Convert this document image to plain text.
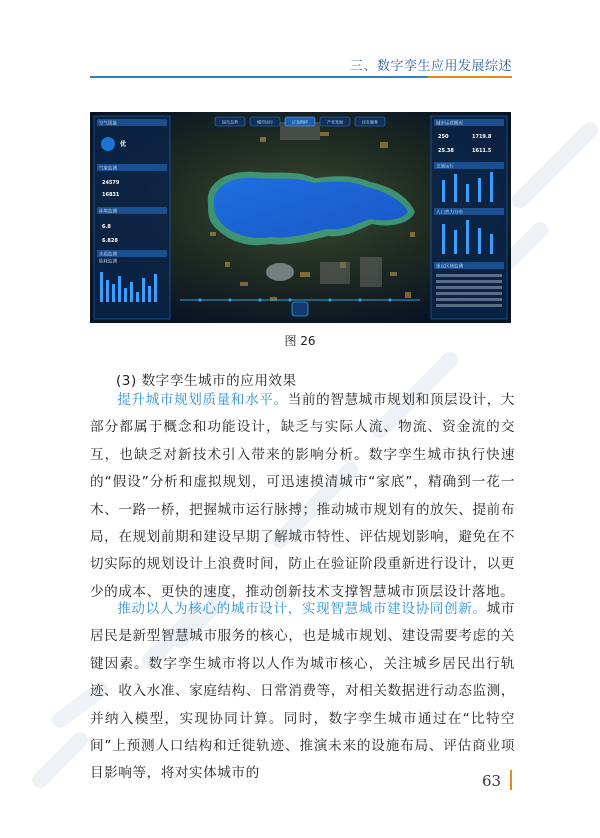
三、数字孪生应用发展综述
空气质量
气象监测
环境监测
水质监测
能耗监测
城市运营概况
交通运行
人口热力分布
重点区域监测
优
24579
16831
6.8
6.828
250	1719.8
25.38	1611.5
综合态势	城市运行	应急指挥	产业发展	民生服务
图 26
(3) 数字孪生城市的应用效果

提升城市规划质量和水平。当前的智慧城市规划和顶层设计，大部分都属于概念和功能设计，缺乏与实际人流、物流、资金流的交互，也缺乏对新技术引入带来的影响分析。数字孪生城市执行快速的“假设”分析和虚拟规划，可迅速摸清城市“家底”，精确到一花一木、一路一桥，把握城市运行脉搏；推动城市规划有的放矢、提前布局，在规划前期和建设早期了解城市特性、评估规划影响，避免在不切实际的规划设计上浪费时间，防止在验证阶段重新进行设计，以更少的成本、更快的速度，推动创新技术支撑智慧城市顶层设计落地。

推动以人为核心的城市设计，实现智慧城市建设协同创新。城市居民是新型智慧城市服务的核心，也是城市规划、建设需要考虑的关键因素。数字孪生城市将以人作为城市核心，关注城乡居民出行轨迹、收入水准、家庭结构、日常消费等，对相关数据进行动态监测，并纳入模型，实现协同计算。同时，数字孪生城市通过在“比特空间”上预测人口结构和迁徙轨迹、推演未来的设施布局、评估商业项目影响等，将对实体城市的	63
